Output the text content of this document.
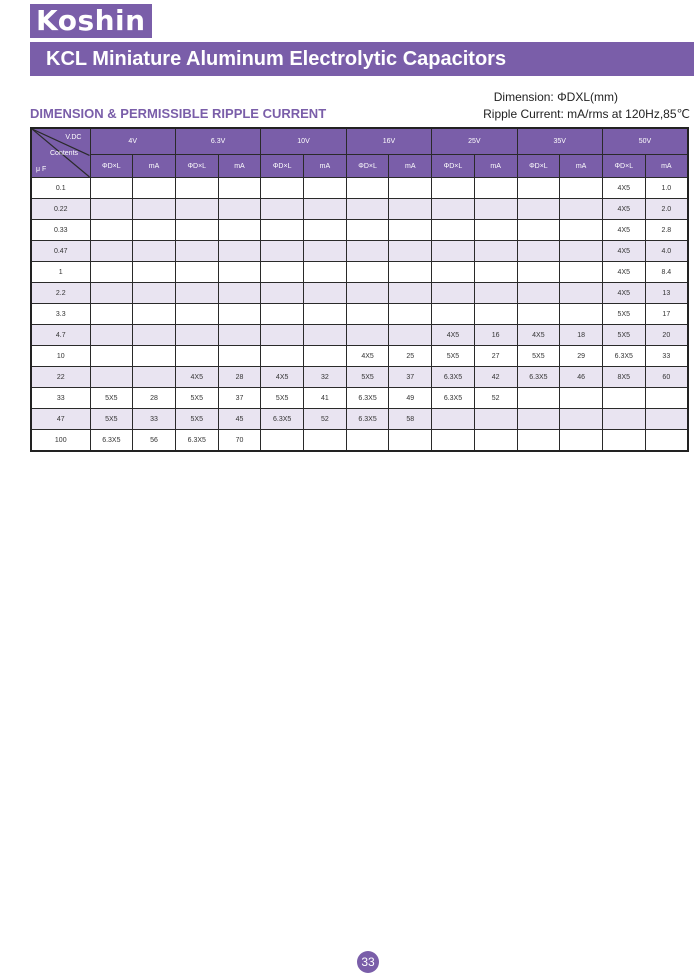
Koshin
KCL Miniature Aluminum Electrolytic Capacitors
Dimension: ΦDXL(mm)
DIMENSION & PERMISSIBLE RIPPLE CURRENT	Ripple Current: mA/rms at 120Hz,85℃
V.DC
Contents
μ F	4V		6.3V		10V		16V		25V		35V		50V	
	ΦD×L	mA	ΦD×L	mA	ΦD×L	mA	ΦD×L	mA	ΦD×L	mA	ΦD×L	mA	ΦD×L	mA
0.1													4X5	1.0
0.22													4X5	2.0
0.33													4X5	2.8
0.47													4X5	4.0
1													4X5	8.4
2.2													4X5	13
3.3													5X5	17
4.7									4X5	16	4X5	18	5X5	20
10							4X5	25	5X5	27	5X5	29	6.3X5	33
22			4X5	28	4X5	32	5X5	37	6.3X5	42	6.3X5	46	8X5	60
33	5X5	28	5X5	37	5X5	41	6.3X5	49	6.3X5	52				
47	5X5	33	5X5	45	6.3X5	52	6.3X5	58						
100	6.3X5	56	6.3X5	70										
33
